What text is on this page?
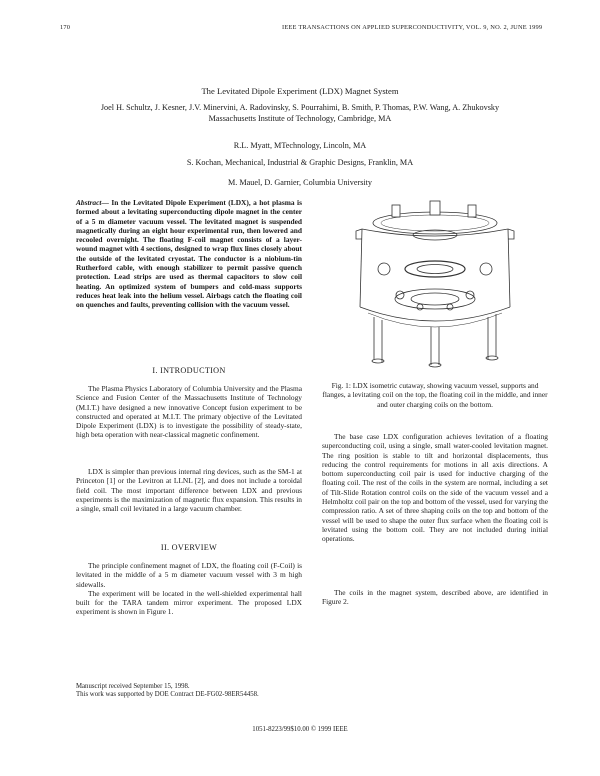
170	IEEE TRANSACTIONS ON APPLIED SUPERCONDUCTIVITY, VOL. 9, NO. 2, JUNE 1999
The Levitated Dipole Experiment (LDX) Magnet System
Joel H. Schultz, J. Kesner, J.V. Minervini, A. Radovinsky, S. Pourrahimi, B. Smith, P. Thomas, P.W. Wang, A. Zhukovsky
Massachusetts Institute of Technology, Cambridge, MA
R.L. Myatt, MTechnology, Lincoln, MA
S. Kochan, Mechanical, Industrial & Graphic Designs, Franklin, MA
M. Mauel, D. Garnier, Columbia University
Abstract— In the Levitated Dipole Experiment (LDX), a hot plasma is formed about a levitating superconducting dipole magnet in the center of a 5 m diameter vacuum vessel. The levitated magnet is suspended magnetically during an eight hour experimental run, then lowered and recooled overnight. The floating F-coil magnet consists of a layer-wound magnet with 4 sections, designed to wrap flux lines closely about the outside of the levitated cryostat. The conductor is a niobium-tin Rutherford cable, with enough stabilizer to permit passive quench protection. Lead strips are used as thermal capacitors to slow coil heating. An optimized system of bumpers and cold-mass supports reduces heat leak into the helium vessel. Airbags catch the floating coil on quenches and faults, preventing collision with the vacuum vessel.
I. INTRODUCTION

The Plasma Physics Laboratory of Columbia University and the Plasma Science and Fusion Center of the Massachusetts Institute of Technology (M.I.T.) have designed a new innovative Concept fusion experiment to be constructed and operated at M.I.T. The primary objective of the Levitated Dipole Experiment (LDX) is to investigate the possibility of steady-state, high beta operation with near-classical magnetic confinement.

LDX is simpler than previous internal ring devices, such as the SM-1 at Princeton [1] or the Levitron at LLNL [2], and does not include a toroidal field coil. The most important difference between LDX and previous experiments is the maximization of magnetic flux expansion. This results in a single, small coil levitated in a large vacuum chamber.

II. OVERVIEW

The principle confinement magnet of LDX, the floating coil (F-Coil) is levitated in the middle of a 5 m diameter vacuum vessel with 3 m high sidewalls.

The experiment will be located in the well-shielded experimental hall built for the TARA tandem mirror experiment. The proposed LDX experiment is shown in Figure 1.

Manuscript received September 15, 1998.
This work was supported by DOE Contract DE-FG02-98ER54458.
Fig. 1: LDX isometric cutaway, showing vacuum vessel, supports and flanges, a levitating coil on the top, the floating coil in the middle, and inner and outer charging coils on the bottom.

The base case LDX configuration achieves levitation of a floating superconducting coil, using a single, small water-cooled levitation magnet. The ring position is stable to tilt and horizontal displacements, thus reducing the control requirements for motions in all axis directions. A bottom superconducting coil pair is used for inductive charging of the floating coil. The rest of the coils in the system are normal, including a set of Tilt-Slide Rotation control coils on the side of the vacuum vessel and a Helmholtz coil pair on the top and bottom of the vessel, used for varying the compression ratio. A set of three shaping coils on the top and bottom of the vessel will be used to shape the outer flux surface when the floating coil is levitated using the bottom coil. They are not included during initial operations.

The coils in the magnet system, described above, are identified in Figure 2.

1051-8223/99$10.00 © 1999 IEEE
